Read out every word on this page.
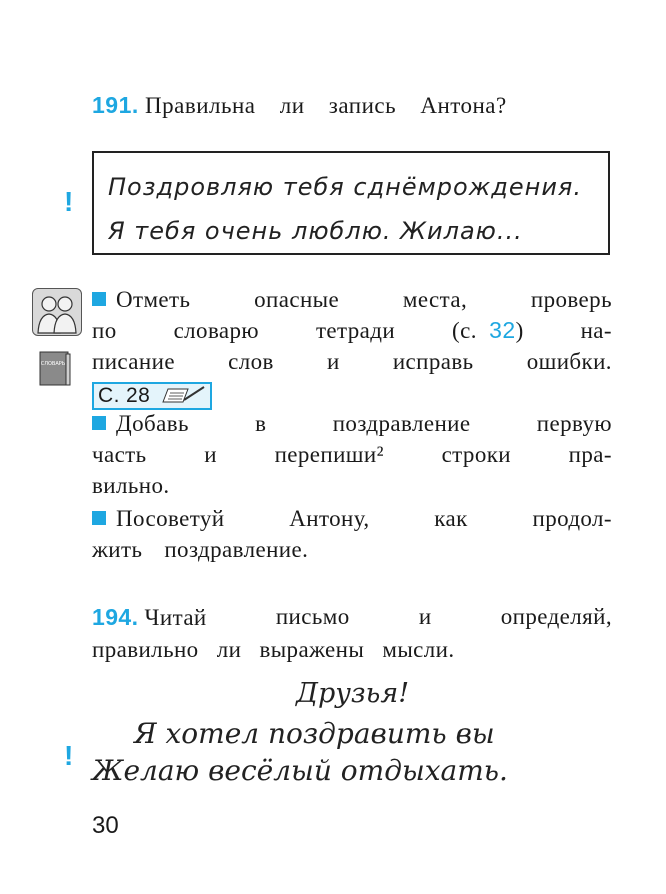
191. Правильна ли запись Антона?
! Поздровляю тебя сднёмрождения.
Я тебя очень люблю. Жилаю...
СЛОВАРЬ
Отметь	опасные	места,	проверь
по словарю тетради (с. 32) на-
писание слов и исправь ошибки.
С. 28
Добавь	в	поздравление	первую
часть	и	перепиши²	строки	пра-
вильно.
Посоветуй	Антону,	как	продол-
жить поздравление.
194. Читай	письмо	и	определяй,
правильно ли выражены мысли.
Друзья!
Я хотел поздравить вы
! Желаю весёлый отдыхать.
30
